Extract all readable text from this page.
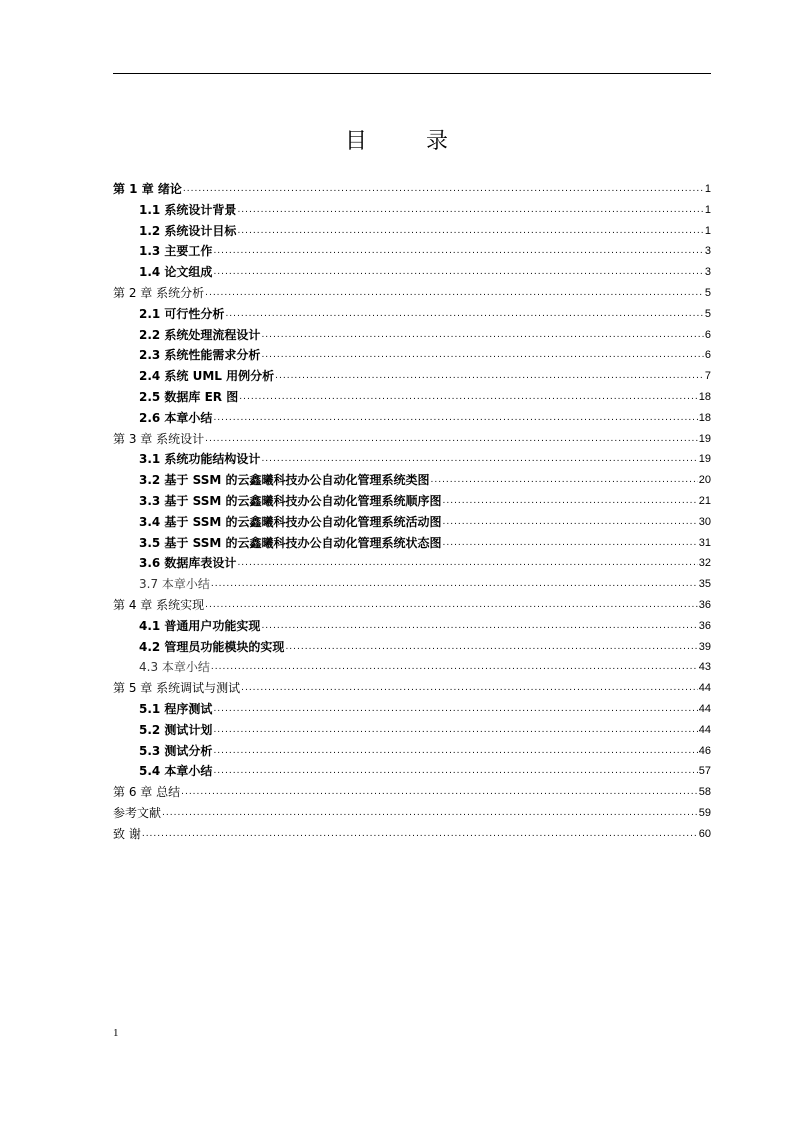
目 录
第 1 章 绪论 .....	1
1.1 系统设计背景 .....	1
1.2 系统设计目标 .....	1
1.3 主要工作 .....	3
1.4 论文组成 .....	3
第 2 章 系统分析 .....	5
2.1 可行性分析 .....	5
2.2 系统处理流程设计 .....	6
2.3 系统性能需求分析 .....	6
2.4 系统 UML 用例分析 .....	7
2.5 数据库 ER 图 .....	18
2.6 本章小结 .....	18
第 3 章 系统设计 .....	19
3.1 系统功能结构设计 .....	19
3.2 基于 SSM 的云鑫曦科技办公自动化管理系统类图 .....	20
3.3 基于 SSM 的云鑫曦科技办公自动化管理系统顺序图 .....	21
3.4 基于 SSM 的云鑫曦科技办公自动化管理系统活动图 .....	30
3.5 基于 SSM 的云鑫曦科技办公自动化管理系统状态图 .....	31
3.6 数据库表设计 .....	32
3.7 本章小结 .....	35
第 4 章 系统实现 .....	36
4.1 普通用户功能实现 .....	36
4.2 管理员功能模块的实现 .....	39
4.3 本章小结 .....	43
第 5 章 系统调试与测试 .....	44
5.1 程序测试 .....	44
5.2 测试计划 .....	44
5.3 测试分析 .....	46
5.4 本章小结 .....	57
第 6 章 总结 .....	58
参考文献 .....	59
致 谢 .....	60
1
